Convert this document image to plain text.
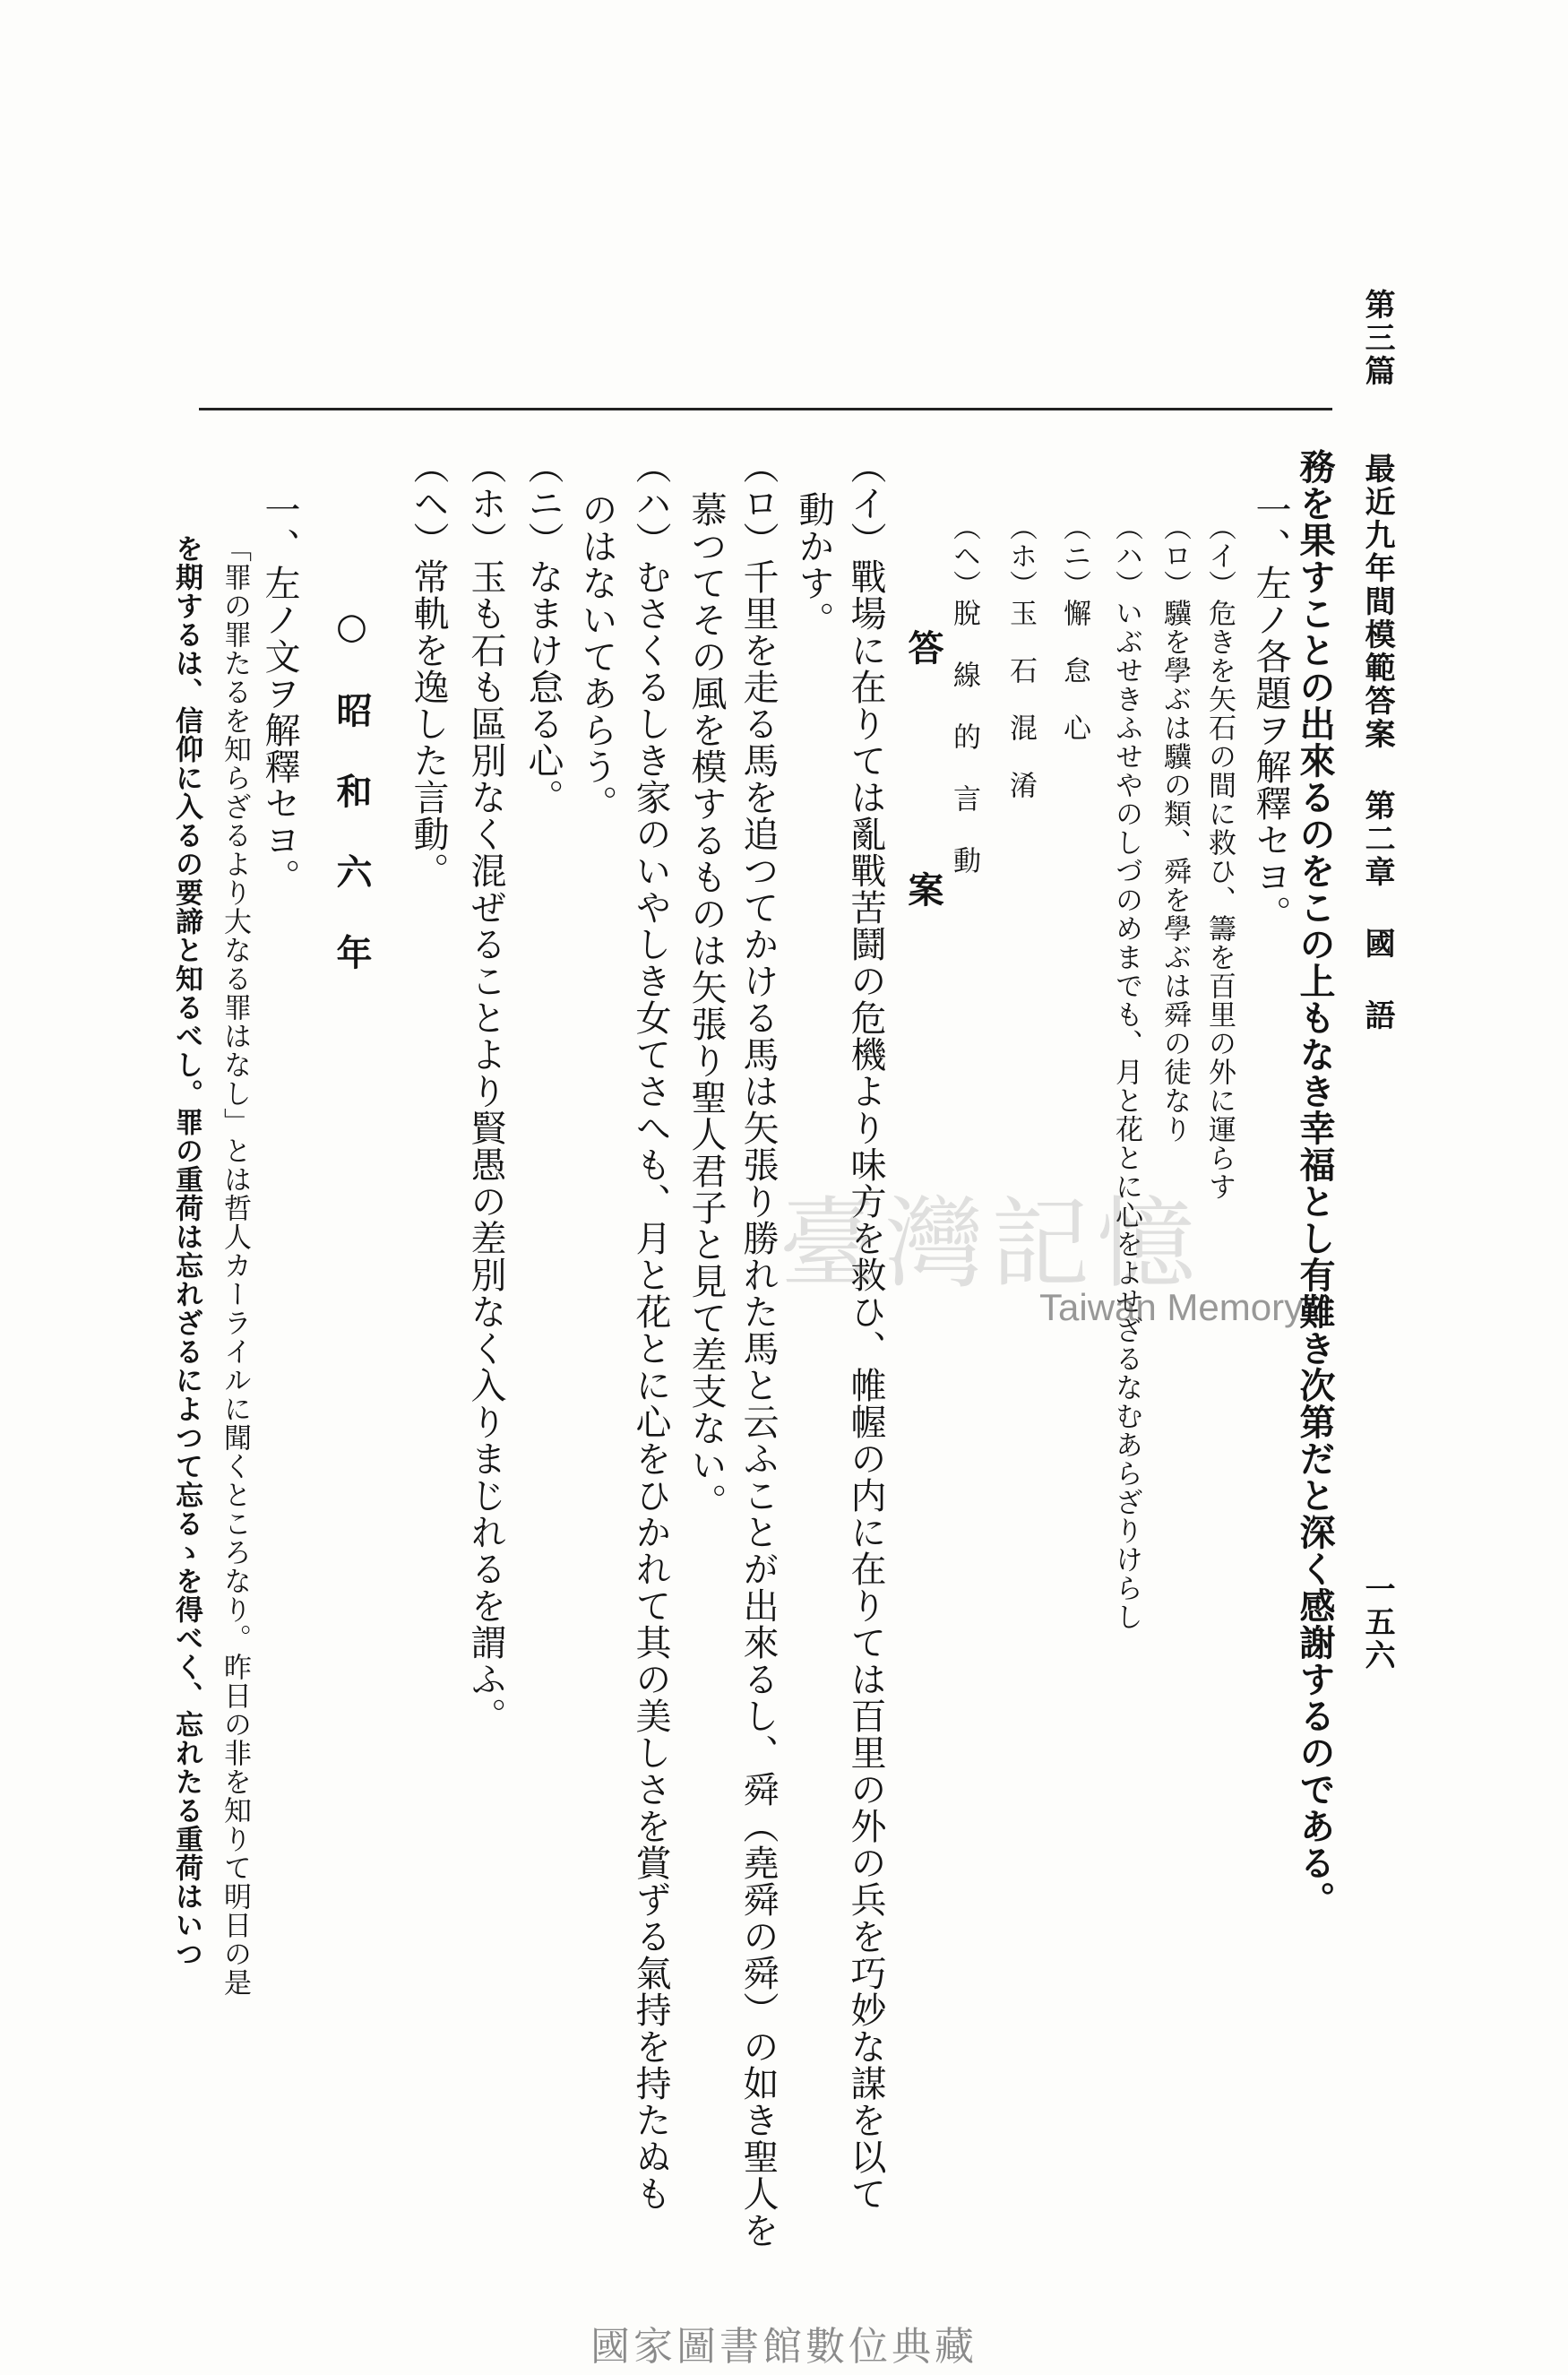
第三篇
最近九年間模範答案 第二章 國 語
一五六
務を果すことの出來るのをこの上もなき幸福とし有難き次第だと深く感謝するのである。
一、左ノ各題ヲ解釋セヨ。
（イ）危きを矢石の間に救ひ、籌を百里の外に運らす
（ロ）驥を學ぶは驥の類、舜を學ぶは舜の徒なり
（ハ）いぶせきふせやのしづのめまでも、月と花とに心をよせざるなむあらざりけらし
（ニ）懈　怠　心
（ホ）玉　石　混　淆
（ヘ）脫 線 的 言 動
答　　案
（イ）戰場に在りては亂戰苦鬪の危機より味方を救ひ、帷幄の内に在りては百里の外の兵を巧妙な謀を以て
動かす。
（ロ）千里を走る馬を追つてかける馬は矢張り勝れた馬と云ふことが出來るし、舜（堯舜の舜）の如き聖人を
慕つてその風を模するものは矢張り聖人君子と見て差支ない。
（ハ）むさくるしき家のいやしき女てさへも、月と花とに心をひかれて其の美しさを賞ずる氣持を持たぬも
のはないてあらう。
（ニ）なまけ怠る心。
（ホ）玉も石も區別なく混ぜることより賢愚の差別なく入りまじれるを謂ふ。
（ヘ）常軌を逸した言動。
○昭和六年
一、左ノ文ヲ解釋セヨ。
「罪の罪たるを知らざるより大なる罪はなし」とは哲人カーライルに聞くところなり。昨日の非を知りて明日の是
を期するは、信仰に入るの要諦と知るべし。罪の重荷は忘れざるによつて忘るゝを得べく、忘れたる重荷はいつ	臺灣記憶
Taiwan Memory
國家圖書館數位典藏
